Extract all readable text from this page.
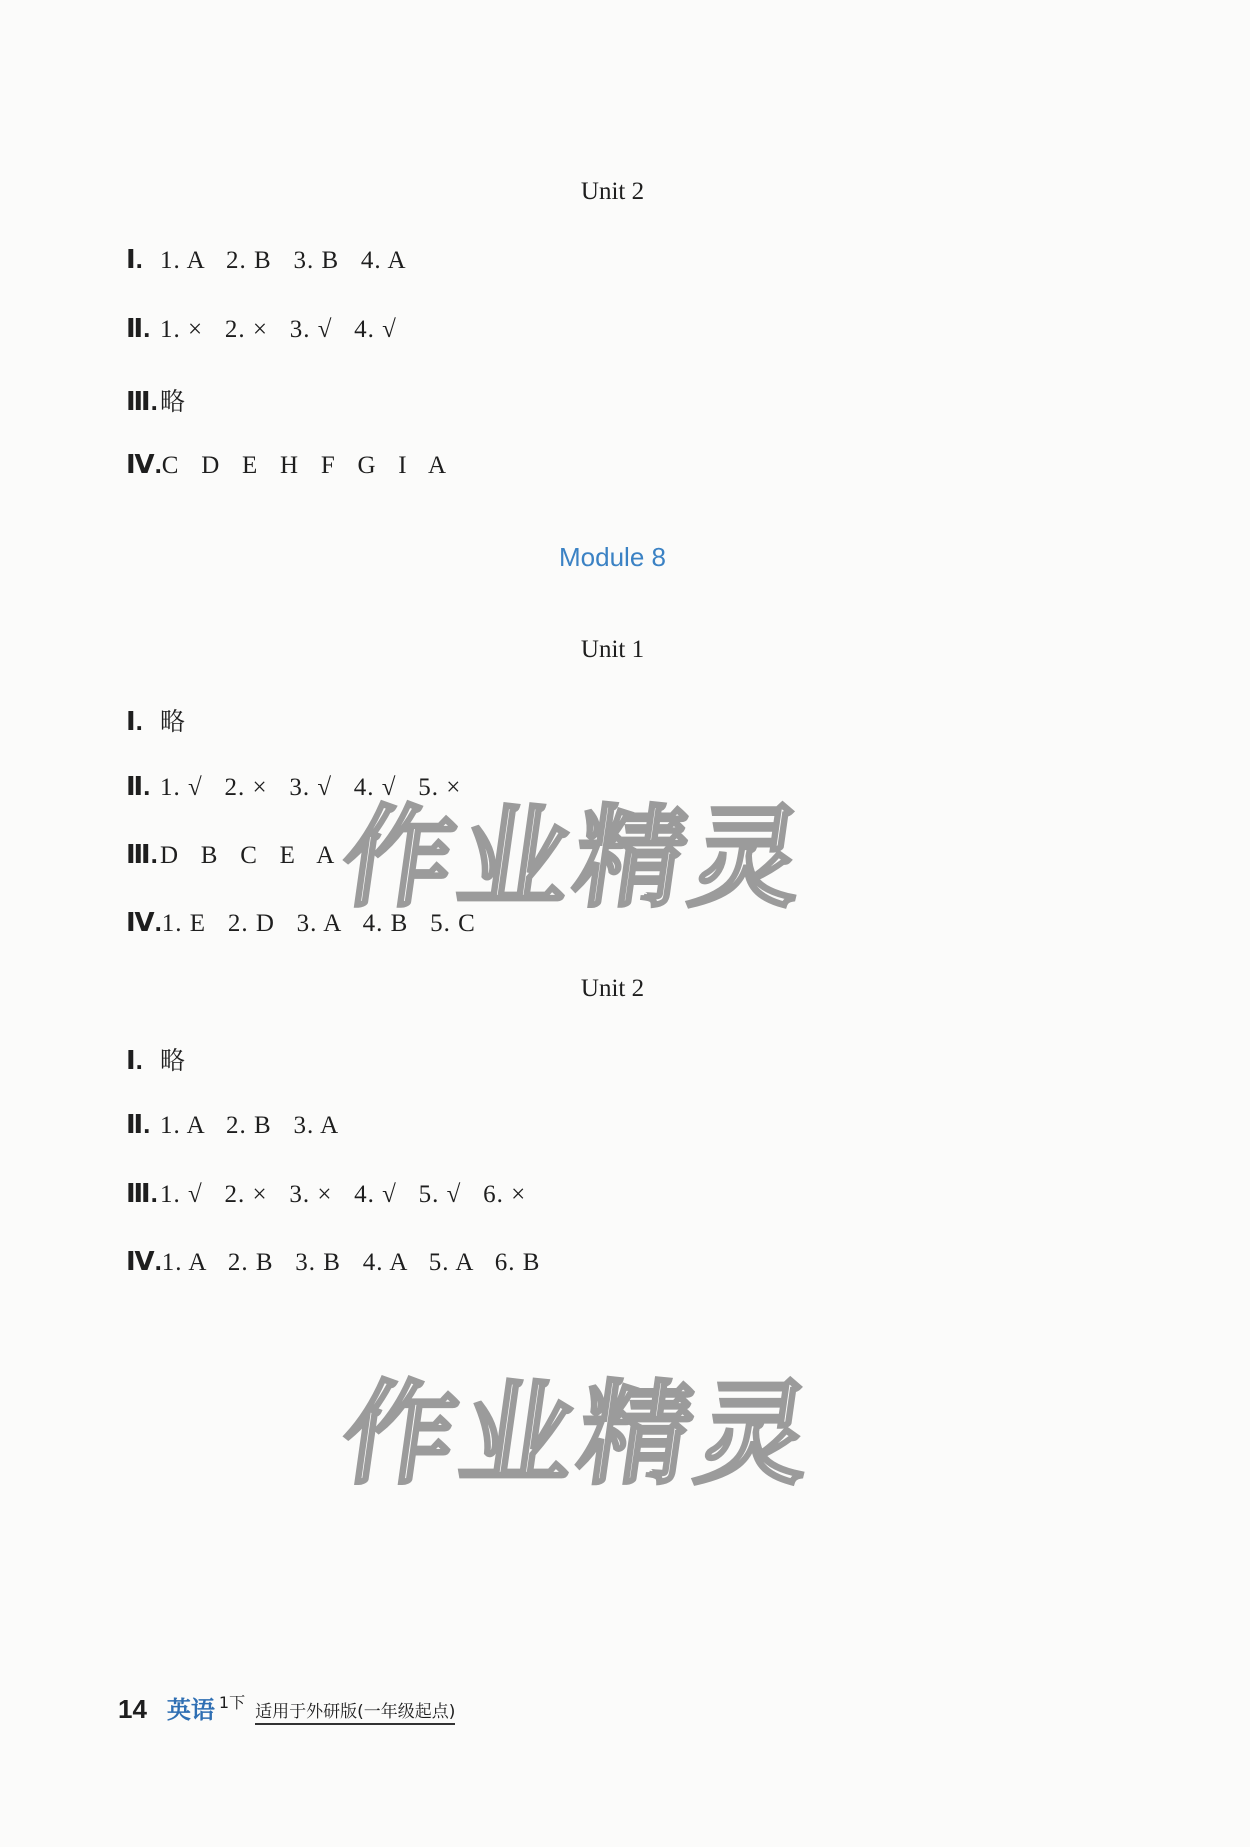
Unit 2
Ⅰ. 1. A   2. B   3. B   4. A
Ⅱ. 1. ×   2. ×   3. √   4. √
Ⅲ. 略
Ⅳ. C   D   E   H   F   G   I   A
Module 8
Unit 1
Ⅰ. 略
Ⅱ. 1. √   2. ×   3. √   4. √   5. ×
Ⅲ. D   B   C   E   A
Ⅳ. 1. E   2. D   3. A   4. B   5. C
Unit 2
Ⅰ. 略
Ⅱ. 1. A   2. B   3. A
Ⅲ. 1. √   2. ×   3. ×   4. √   5. √   6. ×
Ⅳ. 1. A   2. B   3. B   4. A   5. A   6. B
作业精灵
作业精灵
14 英语 1下 适用于外研版(一年级起点)
